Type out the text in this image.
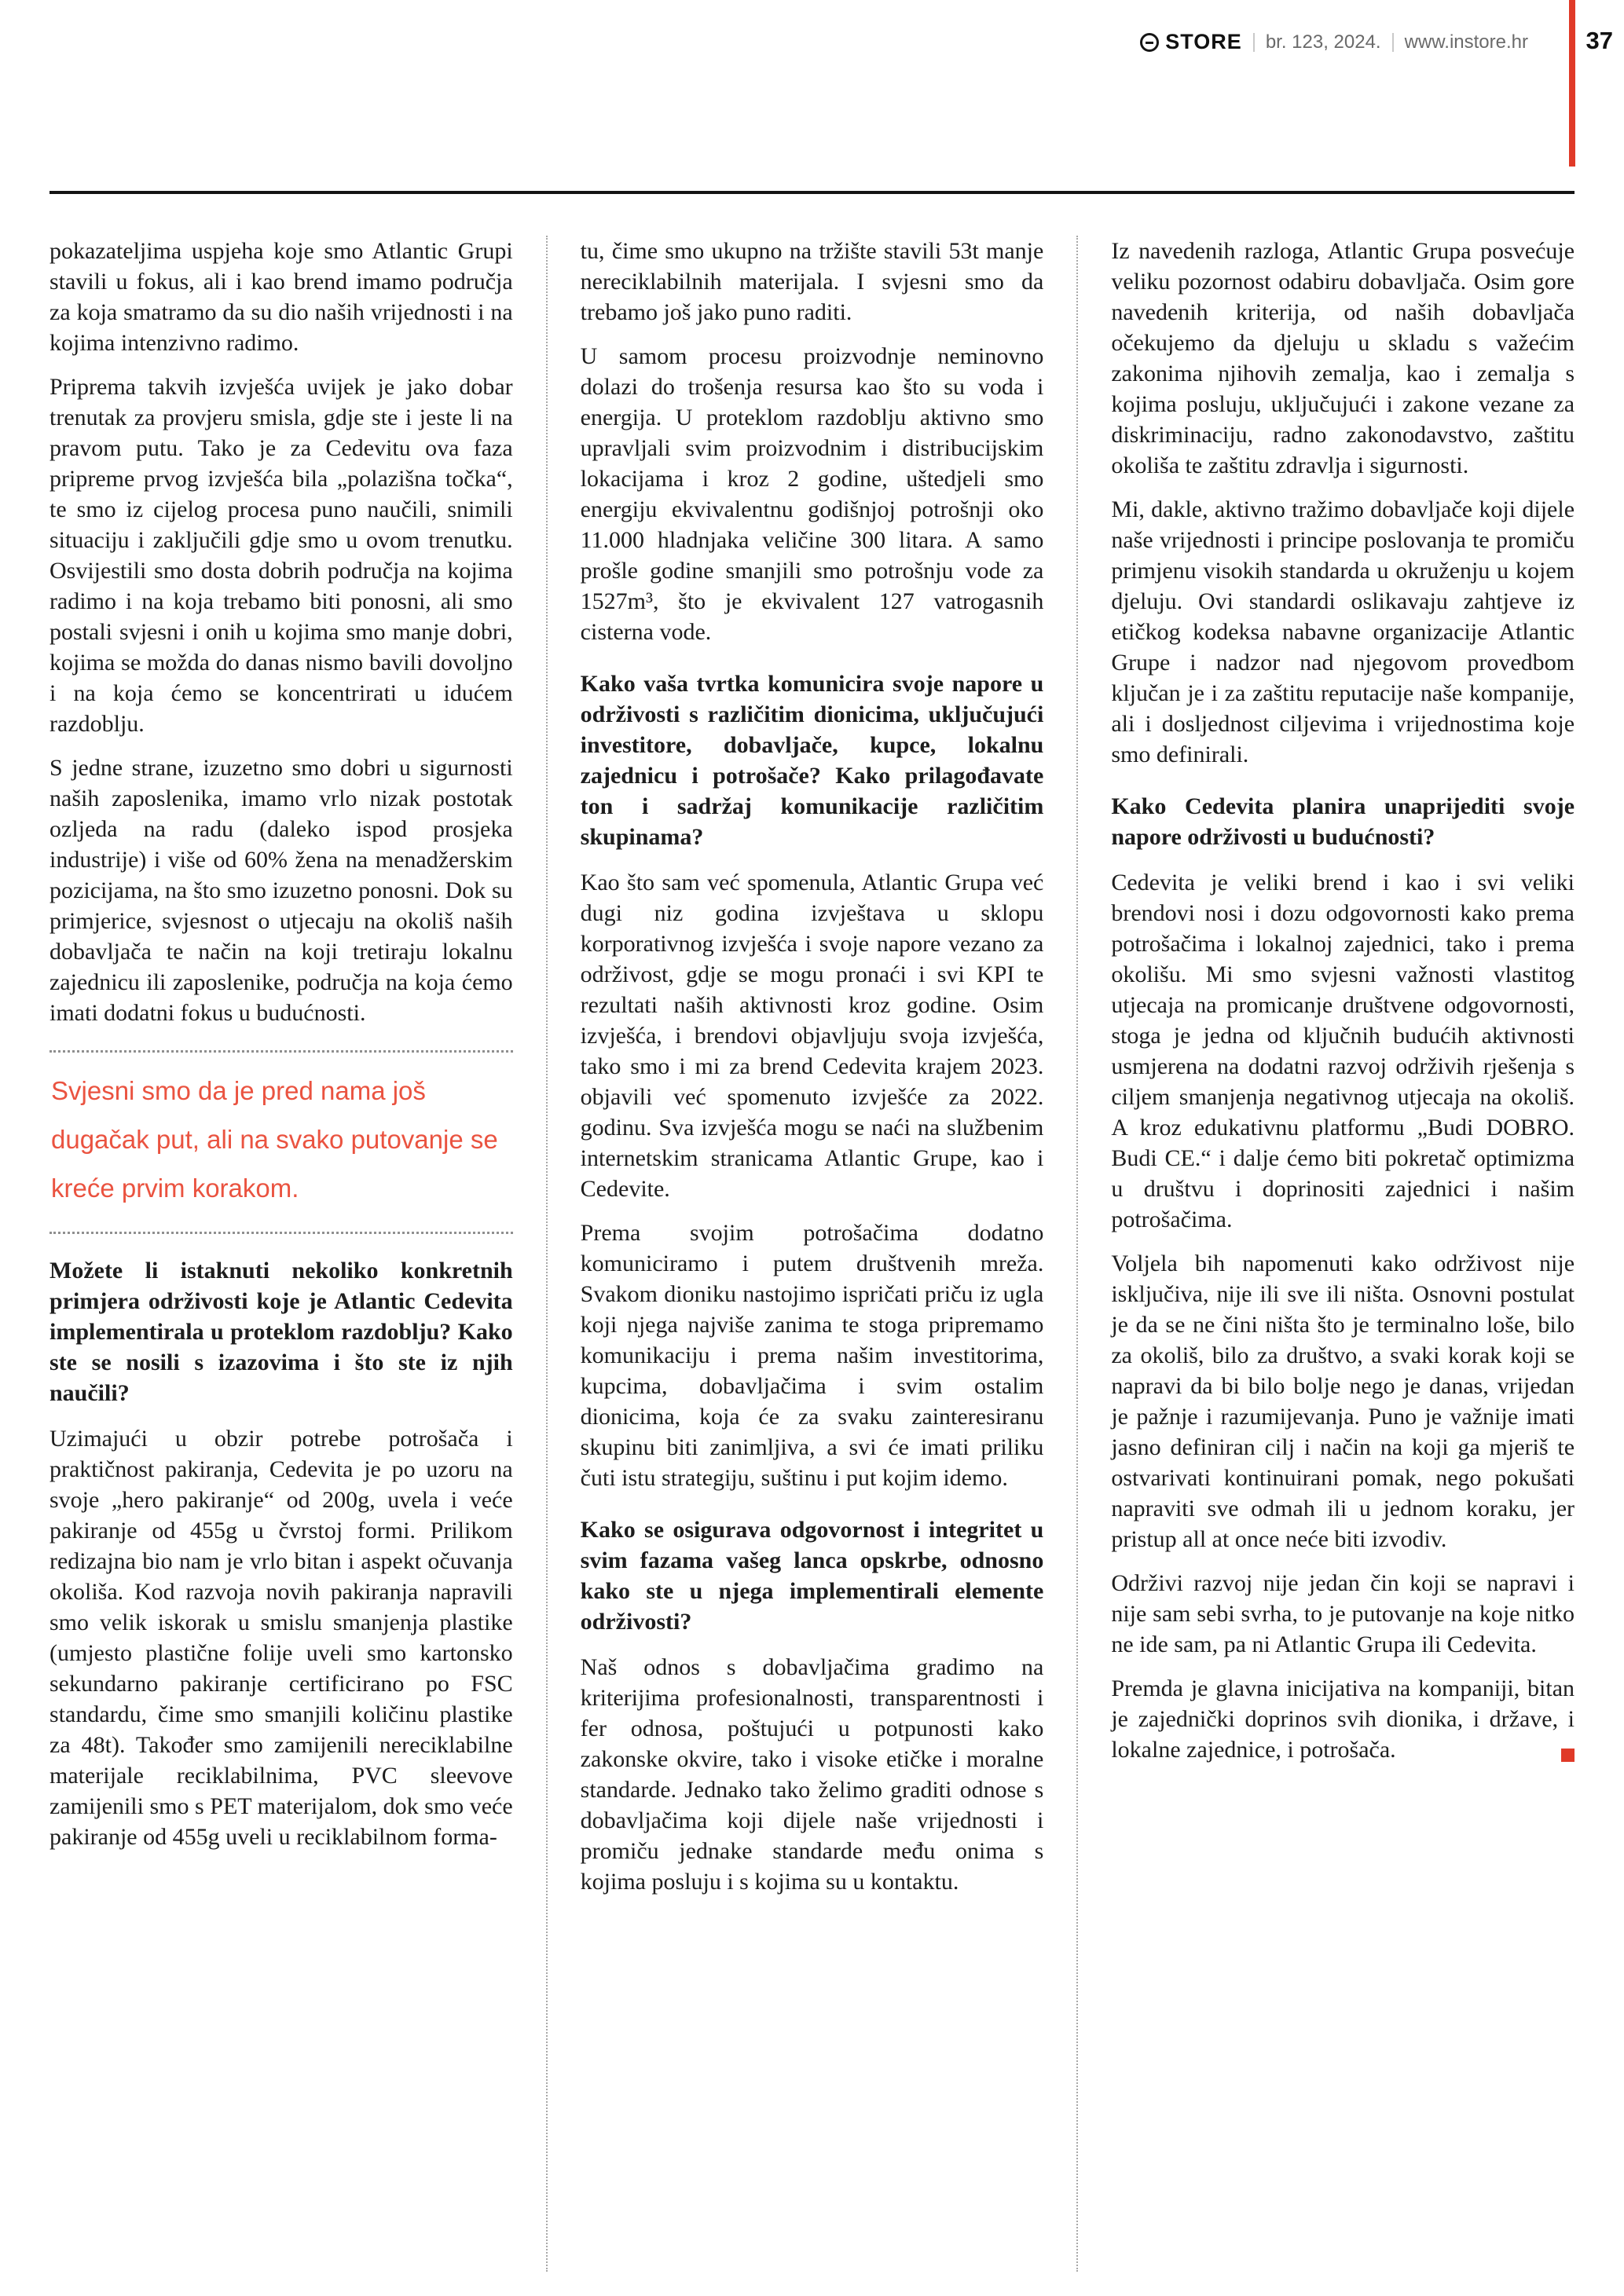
STORE br. 123, 2024. www.instore.hr 37
pokazateljima uspjeha koje smo Atlantic Grupi stavili u fokus, ali i kao brend imamo područja za koja smatramo da su dio naših vrijednosti i na kojima intenzivno radimo.
Priprema takvih izvješća uvijek je jako dobar trenutak za provjeru smisla, gdje ste i jeste li na pravom putu. Tako je za Cedevitu ova faza pripreme prvog izvješća bila „polazišna točka“, te smo iz cijelog procesa puno naučili, snimili situaciju i zaključili gdje smo u ovom trenutku. Osvijestili smo dosta dobrih područja na kojima radimo i na koja trebamo biti ponosni, ali smo postali svjesni i onih u kojima smo manje dobri, kojima se možda do danas nismo bavili dovoljno i na koja ćemo se koncentrirati u idućem razdoblju.
S jedne strane, izuzetno smo dobri u sigurnosti naših zaposlenika, imamo vrlo nizak postotak ozljeda na radu (daleko ispod prosjeka industrije) i više od 60% žena na menadžerskim pozicijama, na što smo izuzetno ponosni. Dok su primjerice, svjesnost o utjecaju na okoliš naših dobavljača te način na koji tretiraju lokalnu zajednicu ili zaposlenike, područja na koja ćemo imati dodatni fokus u budućnosti.
Svjesni smo da je pred nama još dugačak put, ali na svako putovanje se kreće prvim korakom.
Možete li istaknuti nekoliko konkretnih primjera održivosti koje je Atlantic Cedevita implementirala u proteklom razdoblju? Kako ste se nosili s izazovima i što ste iz njih naučili?
Uzimajući u obzir potrebe potrošača i praktičnost pakiranja, Cedevita je po uzoru na svoje „hero pakiranje“ od 200g, uvela i veće pakiranje od 455g u čvrstoj formi. Prilikom redizajna bio nam je vrlo bitan i aspekt očuvanja okoliša. Kod razvoja novih pakiranja napravili smo velik iskorak u smislu smanjenja plastike (umjesto plastične folije uveli smo kartonsko sekundarno pakiranje certificirano po FSC standardu, čime smo smanjili količinu plastike za 48t). Također smo zamijenili nereciklabilne materijale reciklabilnima, PVC sleevove zamijenili smo s PET materijalom, dok smo veće pakiranje od 455g uveli u reciklabilnom forma-
tu, čime smo ukupno na tržište stavili 53t manje nereciklabilnih materijala. I svjesni smo da trebamo još jako puno raditi.
U samom procesu proizvodnje neminovno dolazi do trošenja resursa kao što su voda i energija. U proteklom razdoblju aktivno smo upravljali svim proizvodnim i distribucijskim lokacijama i kroz 2 godine, uštedjeli smo energiju ekvivalentnu godišnjoj potrošnji oko 11.000 hladnjaka veličine 300 litara. A samo prošle godine smanjili smo potrošnju vode za 1527m³, što je ekvivalent 127 vatrogasnih cisterna vode.
Kako vaša tvrtka komunicira svoje napore u održivosti s različitim dionicima, uključujući investitore, dobavljače, kupce, lokalnu zajednicu i potrošače? Kako prilagođavate ton i sadržaj komunikacije različitim skupinama?
Kao što sam već spomenula, Atlantic Grupa već dugi niz godina izvještava u sklopu korporativnog izvješća i svoje napore vezano za održivost, gdje se mogu pronaći i svi KPI te rezultati naših aktivnosti kroz godine. Osim izvješća, i brendovi objavljuju svoja izvješća, tako smo i mi za brend Cedevita krajem 2023. objavili već spomenuto izvješće za 2022. godinu. Sva izvješća mogu se naći na službenim internetskim stranicama Atlantic Grupe, kao i Cedevite.
Prema svojim potrošačima dodatno komuniciramo i putem društvenih mreža. Svakom dioniku nastojimo ispričati priču iz ugla koji njega najviše zanima te stoga pripremamo komunikaciju i prema našim investitorima, kupcima, dobavljačima i svim ostalim dionicima, koja će za svaku zainteresiranu skupinu biti zanimljiva, a svi će imati priliku čuti istu strategiju, suštinu i put kojim idemo.
Kako se osigurava odgovornost i integritet u svim fazama vašeg lanca opskrbe, odnosno kako ste u njega implementirali elemente održivosti?
Naš odnos s dobavljačima gradimo na kriterijima profesionalnosti, transparentnosti i fer odnosa, poštujući u potpunosti kako zakonske okvire, tako i visoke etičke i moralne standarde. Jednako tako želimo graditi odnose s dobavljačima koji dijele naše vrijednosti i promiču jednake standarde među onima s kojima posluju i s kojima su u kontaktu.
Iz navedenih razloga, Atlantic Grupa posvećuje veliku pozornost odabiru dobavljača. Osim gore navedenih kriterija, od naših dobavljača očekujemo da djeluju u skladu s važećim zakonima njihovih zemalja, kao i zemalja s kojima posluju, uključujući i zakone vezane za diskriminaciju, radno zakonodavstvo, zaštitu okoliša te zaštitu zdravlja i sigurnosti.
Mi, dakle, aktivno tražimo dobavljače koji dijele naše vrijednosti i principe poslovanja te promiču primjenu visokih standarda u okruženju u kojem djeluju. Ovi standardi oslikavaju zahtjeve iz etičkog kodeksa nabavne organizacije Atlantic Grupe i nadzor nad njegovom provedbom ključan je i za zaštitu reputacije naše kompanije, ali i dosljednost ciljevima i vrijednostima koje smo definirali.
Kako Cedevita planira unaprijediti svoje napore održivosti u budućnosti?
Cedevita je veliki brend i kao i svi veliki brendovi nosi i dozu odgovornosti kako prema potrošačima i lokalnoj zajednici, tako i prema okolišu. Mi smo svjesni važnosti vlastitog utjecaja na promicanje društvene odgovornosti, stoga je jedna od ključnih budućih aktivnosti usmjerena na dodatni razvoj održivih rješenja s ciljem smanjenja negativnog utjecaja na okoliš. A kroz edukativnu platformu „Budi DOBRO. Budi CE.“ i dalje ćemo biti pokretač optimizma u društvu i doprinositi zajednici i našim potrošačima.
Voljela bih napomenuti kako održivost nije isključiva, nije ili sve ili ništa. Osnovni postulat je da se ne čini ništa što je terminalno loše, bilo za okoliš, bilo za društvo, a svaki korak koji se napravi da bi bilo bolje nego je danas, vrijedan je pažnje i razumijevanja. Puno je važnije imati jasno definiran cilj i način na koji ga mjeriš te ostvarivati kontinuirani pomak, nego pokušati napraviti sve odmah ili u jednom koraku, jer pristup all at once neće biti izvodiv.
Održivi razvoj nije jedan čin koji se napravi i nije sam sebi svrha, to je putovanje na koje nitko ne ide sam, pa ni Atlantic Grupa ili Cedevita.
Premda je glavna inicijativa na kompaniji, bitan je zajednički doprinos svih dionika, i države, i lokalne zajednice, i potrošača.
